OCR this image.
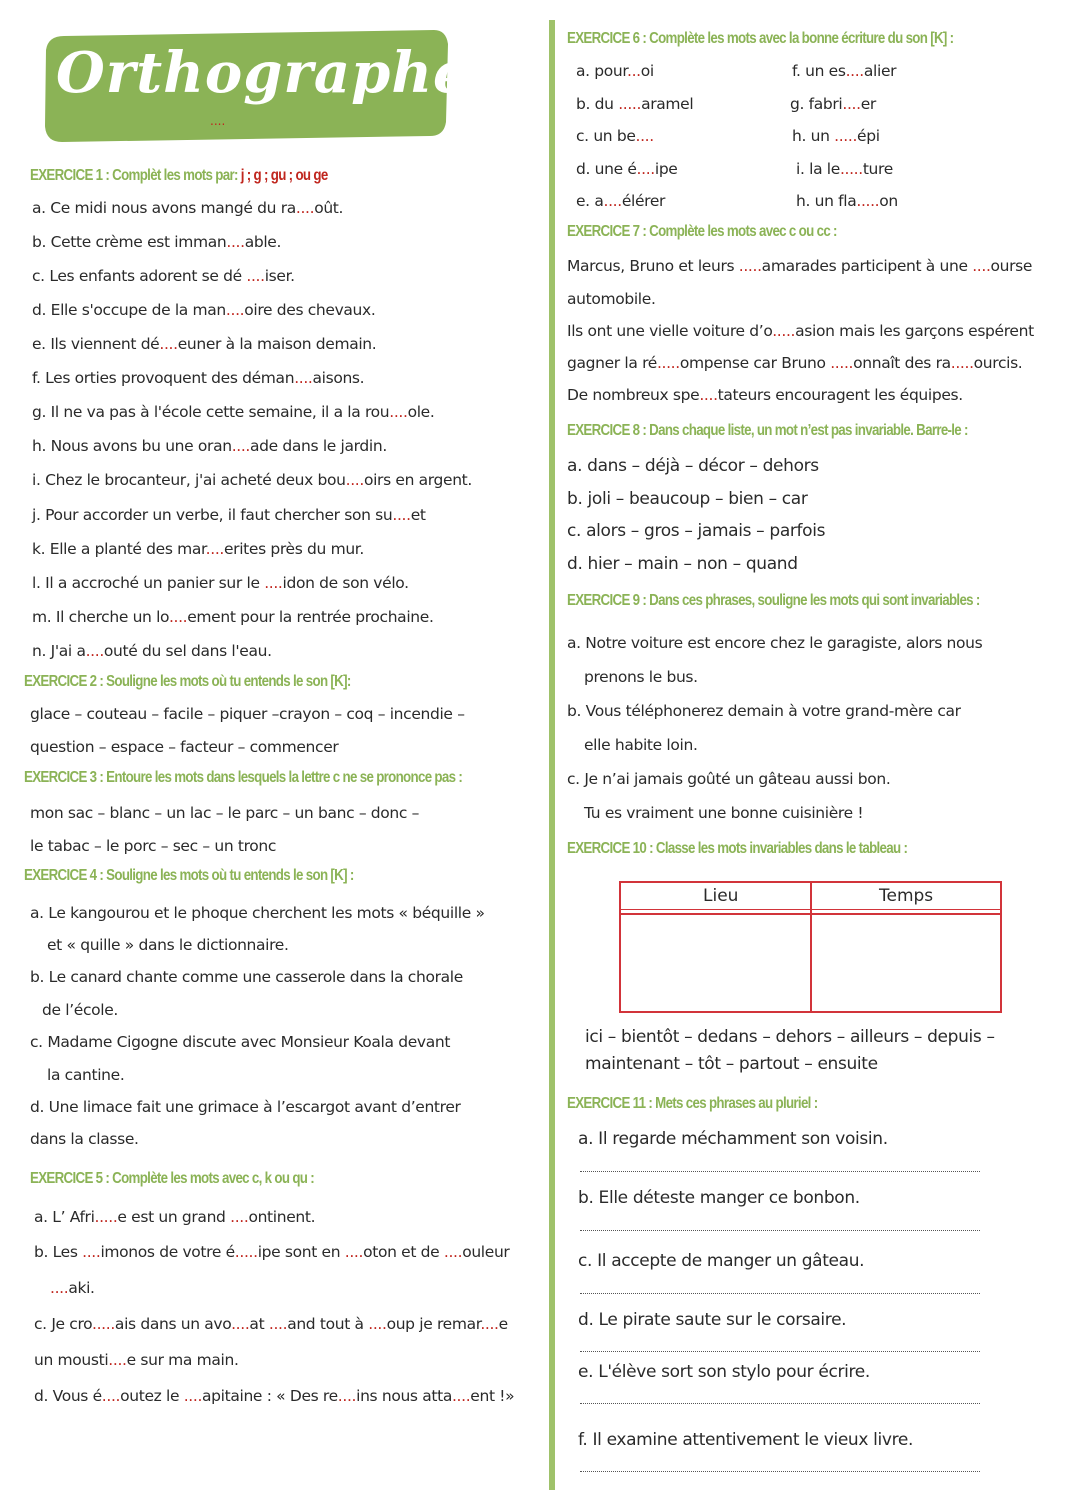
Orthographe
....
EXERCICE 1 : Complèt les mots par: j ; g ; gu ; ou ge
a. Ce midi nous avons mangé du ra....oût.
b. Cette crème est imman....able.
c. Les enfants adorent se dé ....iser.
d. Elle s'occupe de la man....oire des chevaux.
e. Ils viennent dé....euner à la maison demain.
f. Les orties provoquent des déman....aisons.
g. Il ne va pas à l'école cette semaine, il a la rou....ole.
h. Nous avons bu une oran....ade dans le jardin.
i. Chez le brocanteur, j'ai acheté deux bou....oirs en argent.
j. Pour accorder un verbe, il faut chercher son su....et
k. Elle a planté des mar....erites près du mur.
l. Il a accroché un panier sur le ....idon de son vélo.
m. Il cherche un lo....ement pour la rentrée prochaine.
n. J'ai a....outé du sel dans l'eau.
EXERCICE 2 : Souligne les mots où tu entends le son [K]:
glace – couteau – facile – piquer –crayon – coq – incendie –
question – espace – facteur – commencer
EXERCICE 3 : Entoure les mots dans lesquels la lettre c ne se prononce pas :
mon sac – blanc – un lac – le parc – un banc – donc –
le tabac – le porc – sec – un tronc
EXERCICE 4 : Souligne les mots où tu entends le son [K] :
a. Le kangourou et le phoque cherchent les mots « béquille »
et « quille » dans le dictionnaire.
b. Le canard chante comme une casserole dans la chorale
de l’école.
c. Madame Cigogne discute avec Monsieur Koala devant
la cantine.
d. Une limace fait une grimace à l’escargot avant d’entrer
dans la classe.
EXERCICE 5 : Complète les mots avec c, k ou qu :
a. L’ Afri.....e est un grand ....ontinent.
b. Les ....imonos de votre é.....ipe sont en ....oton et de ....ouleur
....aki.
c. Je cro.....ais dans un avo....at ....and tout à ....oup je remar....e
un mousti....e sur ma main.
d. Vous é....outez le ....apitaine : « Des re....ins nous atta....ent !»
EXERCICE 6 : Complète les mots avec la bonne écriture du son [K] :
a. pour...oi
b. du .....aramel
c. un be....
d. une é....ipe
e. a....élérer
f. un es....alier
g. fabri....er
h. un .....épi
i. la le.....ture
h. un fla.....on
EXERCICE 7 : Complète les mots avec c ou cc :
Marcus, Bruno et leurs .....amarades participent à une ....ourse
automobile.
Ils ont une vielle voiture d’o.....asion mais les garçons espérent
gagner la ré.....ompense car Bruno .....onnaît des ra.....ourcis.
De nombreux spe....tateurs encouragent les équipes.
EXERCICE 8 : Dans chaque liste, un mot n’est pas invariable. Barre-le :
a. dans – déjà – décor – dehors
b. joli – beaucoup – bien – car
c. alors – gros – jamais – parfois
d. hier – main – non – quand
EXERCICE 9 : Dans ces phrases, souligne les mots qui sont invariables :
a. Notre voiture est encore chez le garagiste, alors nous
prenons le bus.
b. Vous téléphonerez demain à votre grand-mère car
elle habite loin.
c. Je n’ai jamais goûté un gâteau aussi bon.
Tu es vraiment une bonne cuisinière !
EXERCICE 10 : Classe les mots invariables dans le tableau :
Lieu	Temps
ici – bientôt – dedans – dehors – ailleurs – depuis –
maintenant – tôt – partout – ensuite
EXERCICE 11 : Mets ces phrases au pluriel :
a. Il regarde méchamment son voisin.
b. Elle déteste manger ce bonbon.
c. Il accepte de manger un gâteau.
d. Le pirate saute sur le corsaire.
e. L'élève sort son stylo pour écrire.
f. Il examine attentivement le vieux livre.
